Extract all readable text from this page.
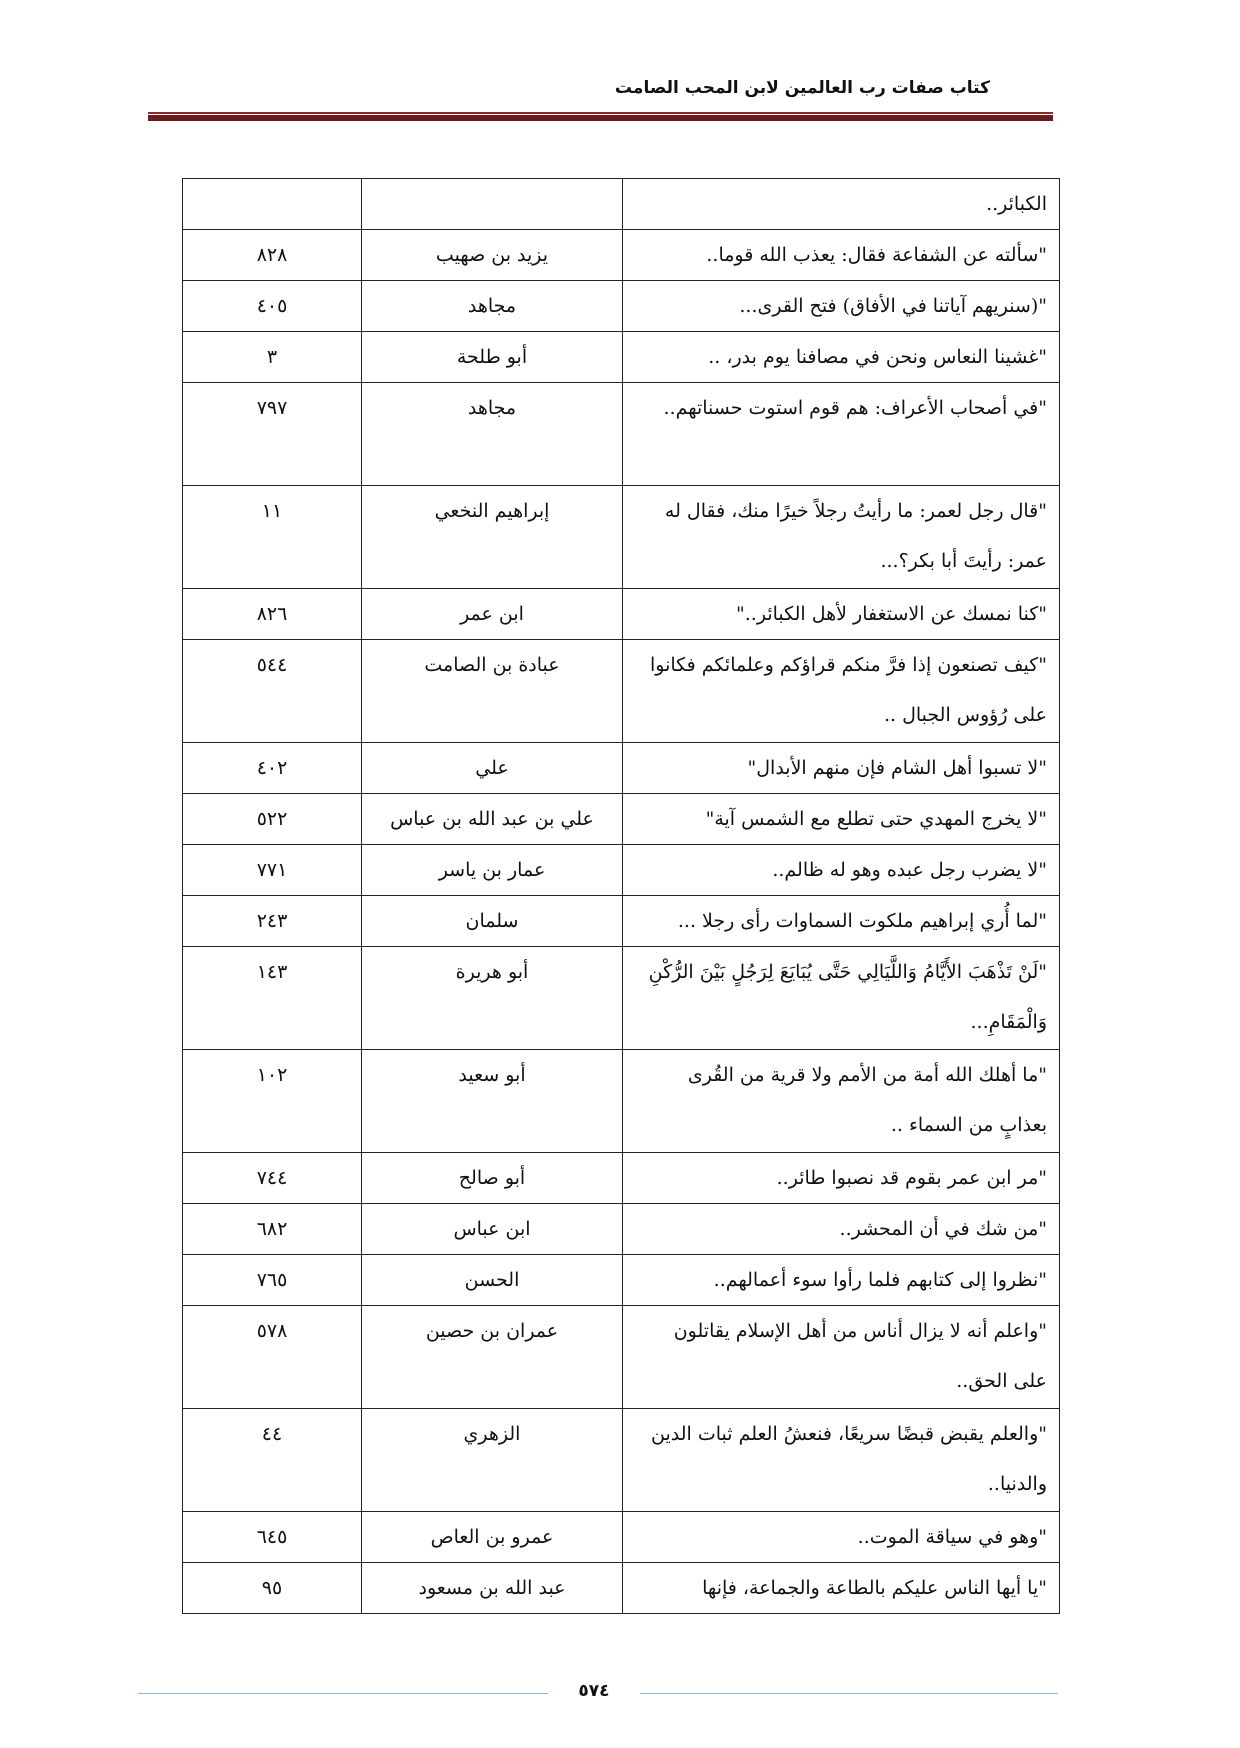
كتاب صفات رب العالمين لابن المحب الصامت
الكبائر..		
"سألته عن الشفاعة فقال: يعذب الله قوما..	يزيد بن صهيب	٨٢٨
"(سنريهم آياتنا في الأفاق) فتح القرى...	مجاهد	٤٠٥
"غشينا النعاس ونحن في مصافنا يوم بدر، ..	أبو طلحة	٣
"في أصحاب الأعراف: هم قوم استوت حسناتهم..	مجاهد	٧٩٧
"قال رجل لعمر: ما رأيتُ رجلاً خيرًا منك، فقال له عمر: رأيتَ أبا بكر؟...	إبراهيم النخعي	١١
"كنا نمسك عن الاستغفار لأهل الكبائر.."	ابن عمر	٨٢٦
"كيف تصنعون إذا فرَّ منكم قراؤكم وعلمائكم فكانوا على رُؤوس الجبال ..	عبادة بن الصامت	٥٤٤
"لا تسبوا أهل الشام فإن منهم الأبدال"	علي	٤٠٢
"لا يخرج المهدي حتى تطلع مع الشمس آية"	علي بن عبد الله بن عباس	٥٢٢
"لا يضرب رجل عبده وهو له ظالم..	عمار بن ياسر	٧٧١
"لما أُري إبراهيم ملكوت السماوات رأى رجلا ...	سلمان	٢٤٣
"لَنْ تَذْهَبَ الأَيَّامُ وَاللَّيَالِي حَتَّى يُبَايَعَ لِرَجُلٍ بَيْنَ الرُّكْنِ وَالْمَقَامِ...	أبو هريرة	١٤٣
"ما أهلك الله أمة من الأمم ولا قرية من القُرى بعذابٍ من السماء ..	أبو سعيد	١٠٢
"مر ابن عمر بقوم قد نصبوا طائر..	أبو صالح	٧٤٤
"من شك في أن المحشر..	ابن عباس	٦٨٢
"نظروا إلى كتابهم فلما رأوا سوء أعمالهم..	الحسن	٧٦٥
"واعلم أنه لا يزال أناس من أهل الإسلام يقاتلون على الحق..	عمران بن حصين	٥٧٨
"والعلم يقبض قبضًا سريعًا، فنعشُ العلم ثبات الدين والدنيا..	الزهري	٤٤
"وهو في سياقة الموت..	عمرو بن العاص	٦٤٥
"يا أيها الناس عليكم بالطاعة والجماعة، فإنها	عبد الله بن مسعود	٩٥
٥٧٤
